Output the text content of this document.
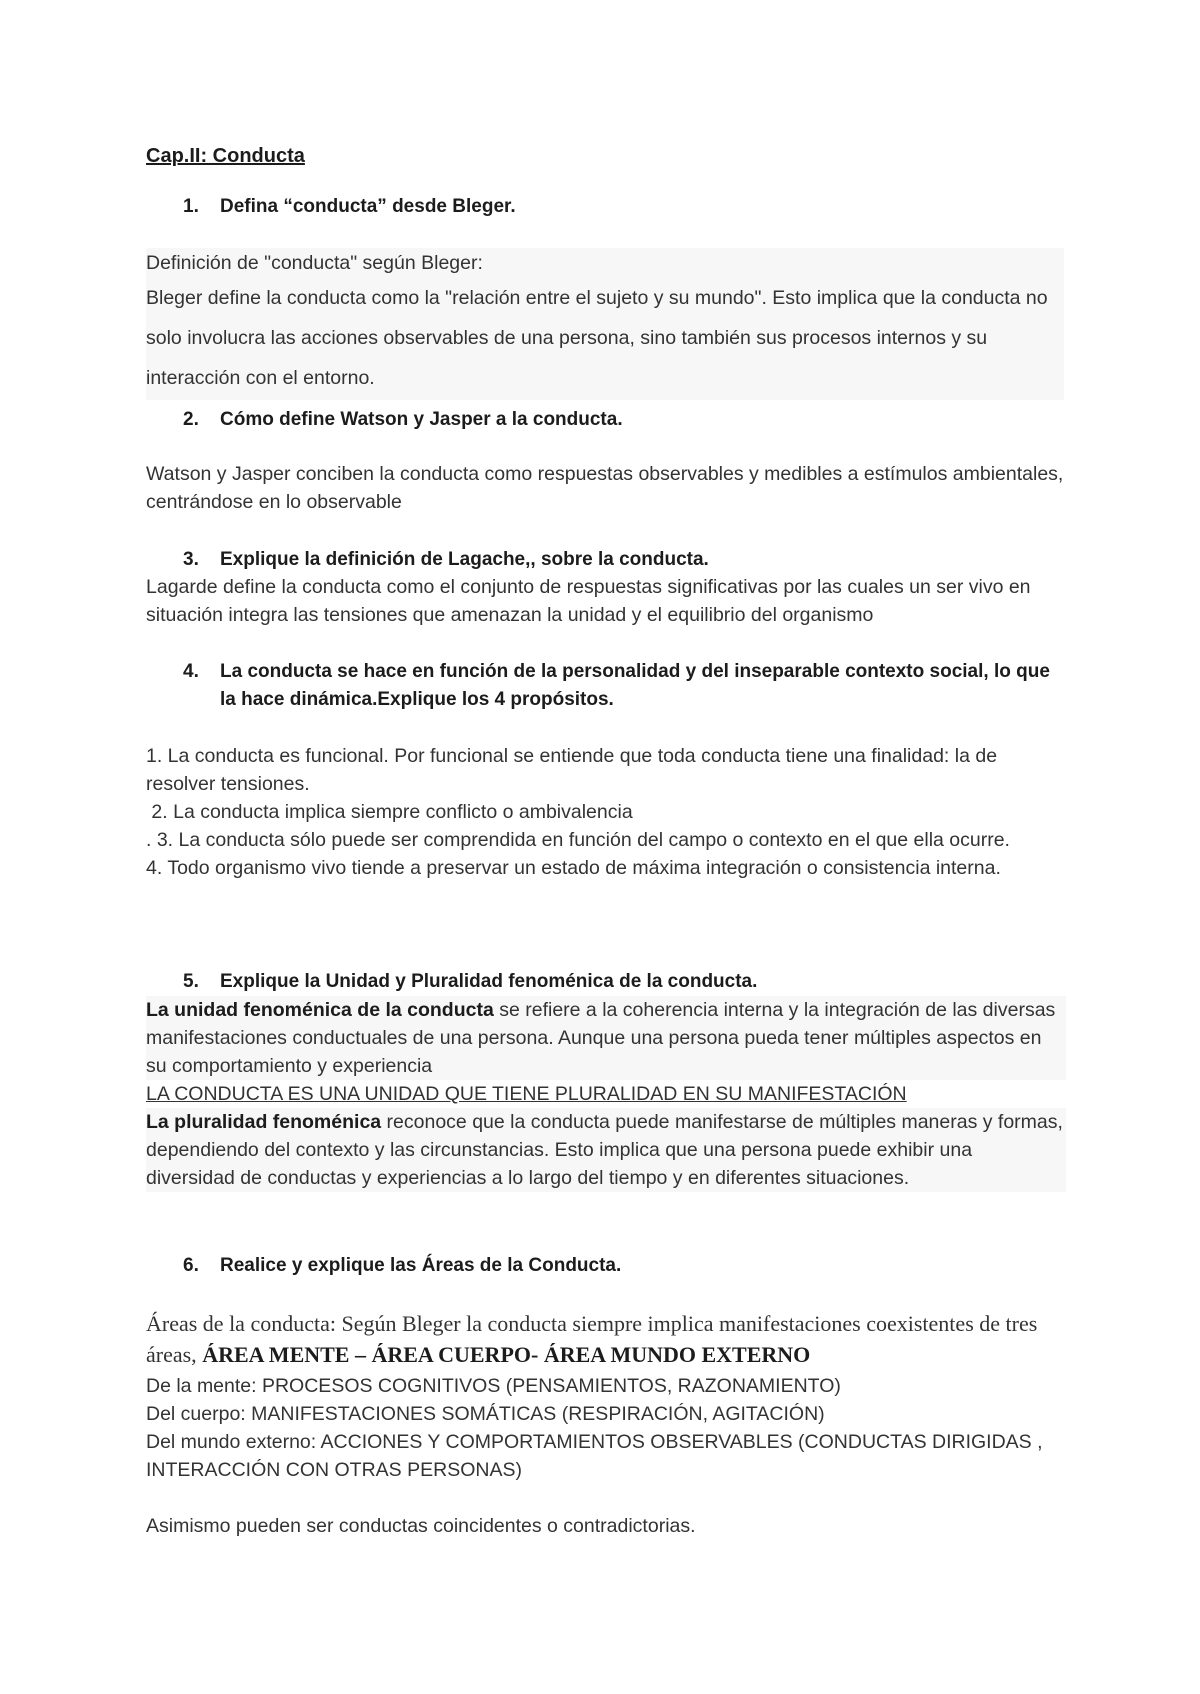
Cap.II: Conducta
1. Defina “conducta” desde Bleger.
Definición de "conducta" según Bleger:
Bleger define la conducta como la "relación entre el sujeto y su mundo". Esto implica que la conducta no solo involucra las acciones observables de una persona, sino también sus procesos internos y su interacción con el entorno.
2. Cómo define Watson y Jasper a la conducta.
Watson y Jasper conciben la conducta como respuestas observables y medibles a estímulos ambientales, centrándose en lo observable
3. Explique la definición de Lagache,, sobre la conducta.
Lagarde define la conducta como el conjunto de respuestas significativas por las cuales un ser vivo en situación integra las tensiones que amenazan la unidad y el equilibrio del organismo
4. La conducta se hace en función de la personalidad y del inseparable contexto social, lo que la hace dinámica.Explique los 4 propósitos.
1. La conducta es funcional. Por funcional se entiende que toda conducta tiene una finalidad: la de resolver tensiones.
2. La conducta implica siempre conflicto o ambivalencia
. 3. La conducta sólo puede ser comprendida en función del campo o contexto en el que ella ocurre.
4. Todo organismo vivo tiende a preservar un estado de máxima integración o consistencia interna.
5. Explique la Unidad y Pluralidad fenoménica de la conducta.
La unidad fenoménica de la conducta se refiere a la coherencia interna y la integración de las diversas manifestaciones conductuales de una persona. Aunque una persona pueda tener múltiples aspectos en su comportamiento y experiencia
LA CONDUCTA ES UNA UNIDAD QUE TIENE PLURALIDAD EN SU MANIFESTACIÓN
La pluralidad fenoménica reconoce que la conducta puede manifestarse de múltiples maneras y formas, dependiendo del contexto y las circunstancias. Esto implica que una persona puede exhibir una diversidad de conductas y experiencias a lo largo del tiempo y en diferentes situaciones.
6. Realice y explique las Áreas de la Conducta.
Áreas de la conducta: Según Bleger la conducta siempre implica manifestaciones coexistentes de tres áreas, ÁREA MENTE – ÁREA CUERPO- ÁREA MUNDO EXTERNO
De la mente: PROCESOS COGNITIVOS (PENSAMIENTOS, RAZONAMIENTO)
Del cuerpo: MANIFESTACIONES SOMÁTICAS (RESPIRACIÓN, AGITACIÓN)
Del mundo externo: ACCIONES Y COMPORTAMIENTOS OBSERVABLES (CONDUCTAS DIRIGIDAS , INTERACCIÓN CON OTRAS PERSONAS)
Asimismo pueden ser conductas coincidentes o contradictorias.
